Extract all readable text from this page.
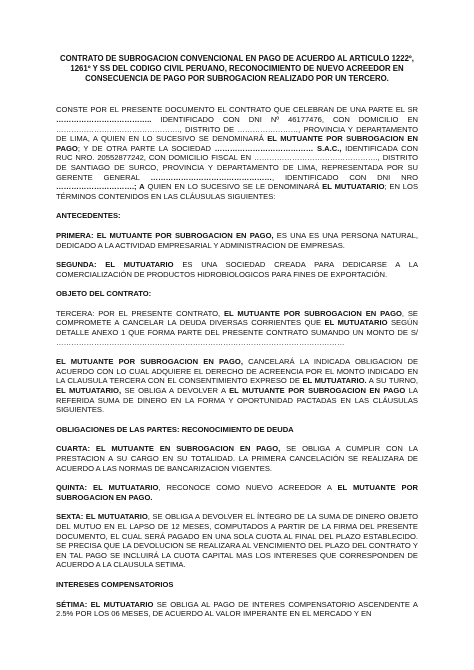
CONTRATO DE SUBROGACION CONVENCIONAL EN PAGO DE ACUERDO AL ARTICULO 1222º, 1261º Y SS DEL CODIGO CIVIL PERUANO, RECONOCIMIENTO DE NUEVO ACREEDOR EN CONSECUENCIA DE PAGO POR SUBROGACION REALIZADO POR UN TERCERO.

CONSTE POR EL PRESENTE DOCUMENTO EL CONTRATO QUE CELEBRAN DE UNA PARTE EL SR ……………………………….. IDENTIFICADO CON DNI Nº 46177476, CON DOMICILIO EN …………………………………………., DISTRITO DE ……………………, PROVINCIA Y DEPARTAMENTO DE LIMA, A QUIEN EN LO SUCESIVO SE DENOMINARÁ EL MUTUANTE POR SUBROGACION EN PAGO; Y DE OTRA PARTE LA SOCIEDAD ………………………………… S.A.C., IDENTIFICADA CON RUC NRO. 20552877242, CON DOMICILIO FISCAL EN …………………………………………., DISTRITO DE SANTIAGO DE SURCO, PROVINCIA Y DEPARTAMENTO DE LIMA, REPRESENTADA POR SU GERENTE GENERAL …………………………………………, IDENTIFICADO CON DNI NRO ………………………….; A QUIEN EN LO SUCESIVO SE LE DENOMINARÁ EL MUTUATARIO; EN LOS TÉRMINOS CONTENIDOS EN LAS CLÁUSULAS SIGUIENTES:

ANTECEDENTES:

PRIMERA: EL MUTUANTE POR SUBROGACION EN PAGO, ES UNA ES UNA PERSONA NATURAL, DEDICADO A LA ACTIVIDAD EMPRESARIAL Y ADMINISTRACION DE EMPRESAS.

SEGUNDA: EL MUTUATARIO ES UNA SOCIEDAD CREADA PARA DEDICARSE A LA COMERCIALIZACIÓN DE PRODUCTOS HIDROBIOLOGICOS PARA FINES DE EXPORTACIÓN.

OBJETO DEL CONTRATO:

TERCERA: POR EL PRESENTE CONTRATO, EL MUTUANTE POR SUBROGACION EN PAGO, SE COMPROMETE A CANCELAR LA DEUDA DIVERSAS CORRIENTES QUE EL MUTUATARIO SEGÚN DETALLE ANEXO 1 QUE FORMA PARTE DEL PRESENTE CONTRATO SUMANDO UN MONTO DE S/ ……………………………………………………………………………………………………

EL MUTUANTE POR SUBROGACION EN PAGO, CANCELARÁ LA INDICADA OBLIGACION DE ACUERDO CON LO CUAL ADQUIERE EL DERECHO DE ACREENCIA POR EL MONTO INDICADO EN LA CLAUSULA TERCERA CON EL CONSENTIMIENTO EXPRESO DE EL MUTUATARIO. A SU TURNO, EL MUTUATARIO, SE OBLIGA A DEVOLVER A EL MUTUANTE POR SUBROGACION EN PAGO LA REFERIDA SUMA DE DINERO EN LA FORMA Y OPORTUNIDAD PACTADAS EN LAS CLÁUSULAS SIGUIENTES.

OBLIGACIONES DE LAS PARTES: RECONOCIMIENTO DE DEUDA

CUARTA: EL MUTUANTE EN SUBROGACION EN PAGO, SE OBLIGA A CUMPLIR CON LA PRESTACION A SU CARGO EN SU TOTALIDAD. LA PRIMERA CANCELACIÓN SE REALIZARA DE ACUERDO A LAS NORMAS DE BANCARIZACION VIGENTES.

QUINTA: EL MUTUATARIO, RECONOCE COMO NUEVO ACREEDOR A EL MUTUANTE POR SUBROGACION EN PAGO.

SEXTA: EL MUTUATARIO, SE OBLIGA A DEVOLVER EL ÍNTEGRO DE LA SUMA DE DINERO OBJETO DEL MUTUO EN EL LAPSO DE 12 MESES, COMPUTADOS A PARTIR DE LA FIRMA DEL PRESENTE DOCUMENTO, EL CUAL SERÁ PAGADO EN UNA SOLA CUOTA AL FINAL DEL PLAZO ESTABLECIDO. SE PRECISA QUE LA DEVOLUCION SE REALIZARA AL VENCIMIENTO DEL PLAZO DEL CONTRATO Y EN TAL PAGO SE INCLUIRÁ LA CUOTA CAPITAL MAS LOS INTERESES QUE CORRESPONDEN DE ACUERDO A LA CLAUSULA SETIMA.

INTERESES COMPENSATORIOS

SÉTIMA: EL MUTUATARIO SE OBLIGA AL PAGO DE INTERES COMPENSATORIO ASCENDENTE A 2.5% POR LOS 06 MESES, DE ACUERDO AL VALOR IMPERANTE EN EL MERCADO Y EN
